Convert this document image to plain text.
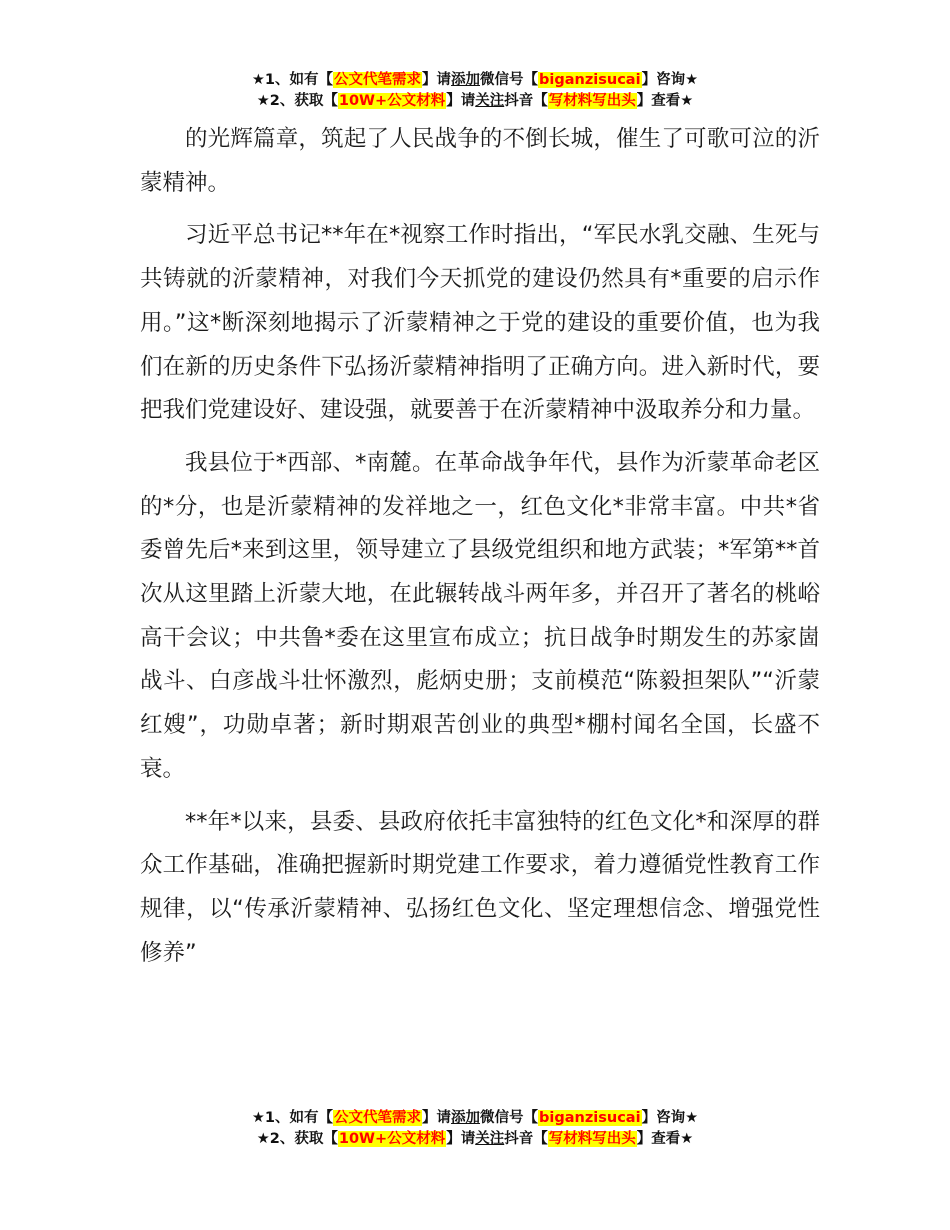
★1、如有【公文代笔需求】请添加微信号【biganzisucai】咨询★
★2、获取【10W+公文材料】请关注抖音【写材料写出头】查看★

的光辉篇章，筑起了人民战争的不倒长城，催生了可歌可泣的沂蒙精神。

习近平总书记**年在*视察工作时指出，“军民水乳交融、生死与共铸就的沂蒙精神，对我们今天抓党的建设仍然具有*重要的启示作用。”这*断深刻地揭示了沂蒙精神之于党的建设的重要价值，也为我们在新的历史条件下弘扬沂蒙精神指明了正确方向。进入新时代，要把我们党建设好、建设强，就要善于在沂蒙精神中汲取养分和力量。

我县位于*西部、*南麓。在革命战争年代，县作为沂蒙革命老区的*分，也是沂蒙精神的发祥地之一，红色文化*非常丰富。中共*省委曾先后*来到这里，领导建立了县级党组织和地方武装；*军第**首次从这里踏上沂蒙大地，在此辗转战斗两年多，并召开了著名的桃峪高干会议；中共鲁*委在这里宣布成立；抗日战争时期发生的苏家崮战斗、白彦战斗壮怀激烈，彪炳史册；支前模范“陈毅担架队”“沂蒙红嫂”，功勋卓著；新时期艰苦创业的典型*棚村闻名全国，长盛不衰。

**年*以来，县委、县政府依托丰富独特的红色文化*和深厚的群众工作基础，准确把握新时期党建工作要求，着力遵循党性教育工作规律，以“传承沂蒙精神、弘扬红色文化、坚定理想信念、增强党性修养”

★1、如有【公文代笔需求】请添加微信号【biganzisucai】咨询★
★2、获取【10W+公文材料】请关注抖音【写材料写出头】查看★
